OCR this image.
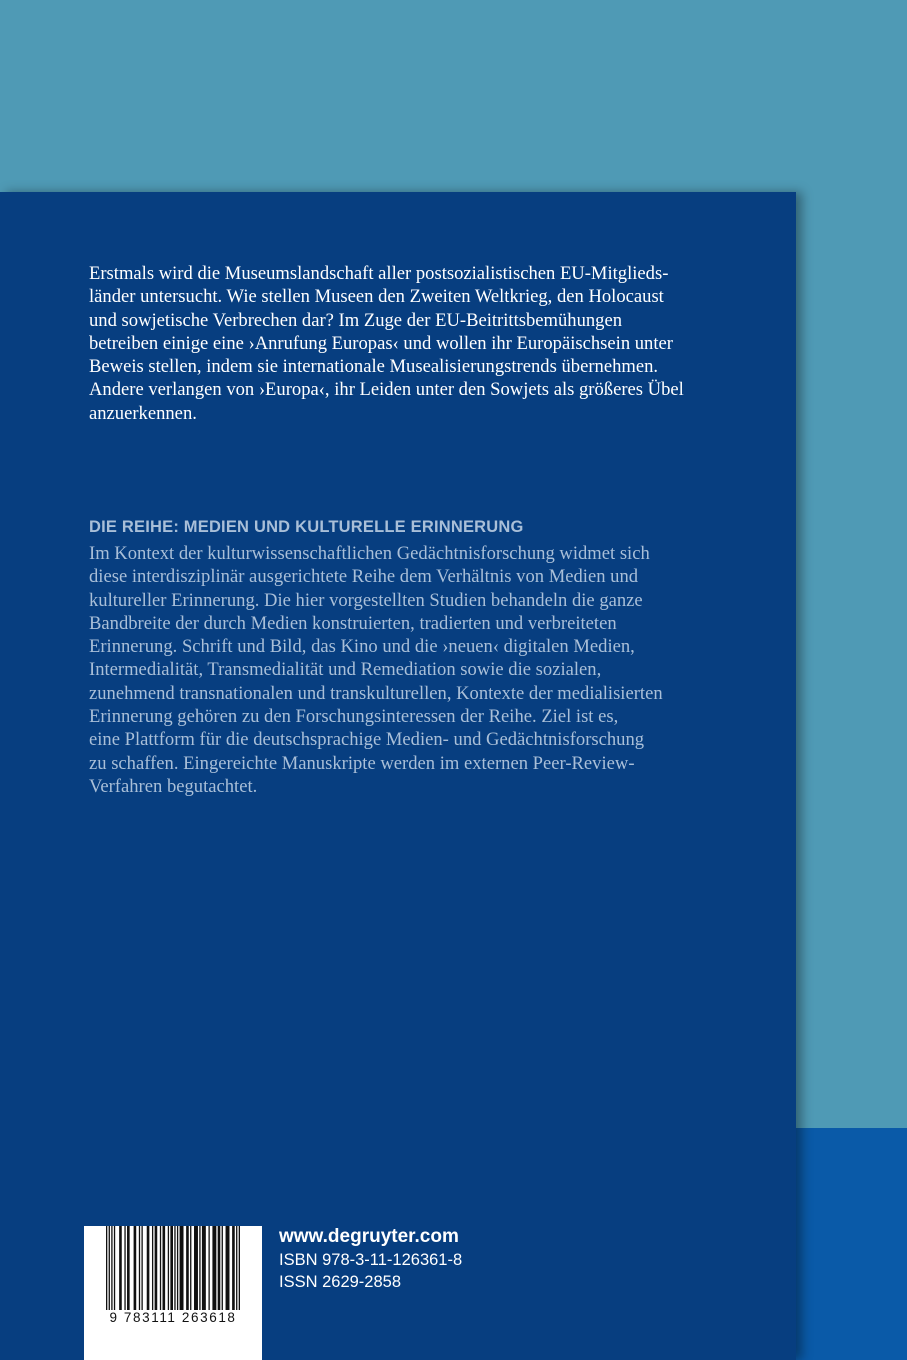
Erstmals wird die Museumslandschaft aller postsozialistischen EU-Mitglieds-
länder untersucht. Wie stellen Museen den Zweiten Weltkrieg, den Holocaust
und sowjetische Verbrechen dar? Im Zuge der EU-Beitrittsbemühungen
betreiben einige eine ›Anrufung Europas‹ und wollen ihr Europäischsein unter
Beweis stellen, indem sie internationale Musealisierungstrends übernehmen.
Andere verlangen von ›Europa‹, ihr Leiden unter den Sowjets als größeres Übel
anzuerkennen.
DIE REIHE: MEDIEN UND KULTURELLE ERINNERUNG
Im Kontext der kulturwissenschaftlichen Gedächtnisforschung widmet sich
diese interdisziplinär ausgerichtete Reihe dem Verhältnis von Medien und
kultureller Erinnerung. Die hier vorgestellten Studien behandeln die ganze
Bandbreite der durch Medien konstruierten, tradierten und verbreiteten
Erinnerung. Schrift und Bild, das Kino und die ›neuen‹ digitalen Medien,
Intermedialität, Transmedialität und Remediation sowie die sozialen,
zunehmend transnationalen und transkulturellen, Kontexte der medialisierten
Erinnerung gehören zu den Forschungsinteressen der Reihe. Ziel ist es,
eine Plattform für die deutschsprachige Medien- und Gedächtnisforschung
zu schaffen. Eingereichte Manuskripte werden im externen Peer-Review-
Verfahren begutachtet.
9 783111 263618
www.degruyter.com
ISBN 978-3-11-126361-8
ISSN 2629-2858
